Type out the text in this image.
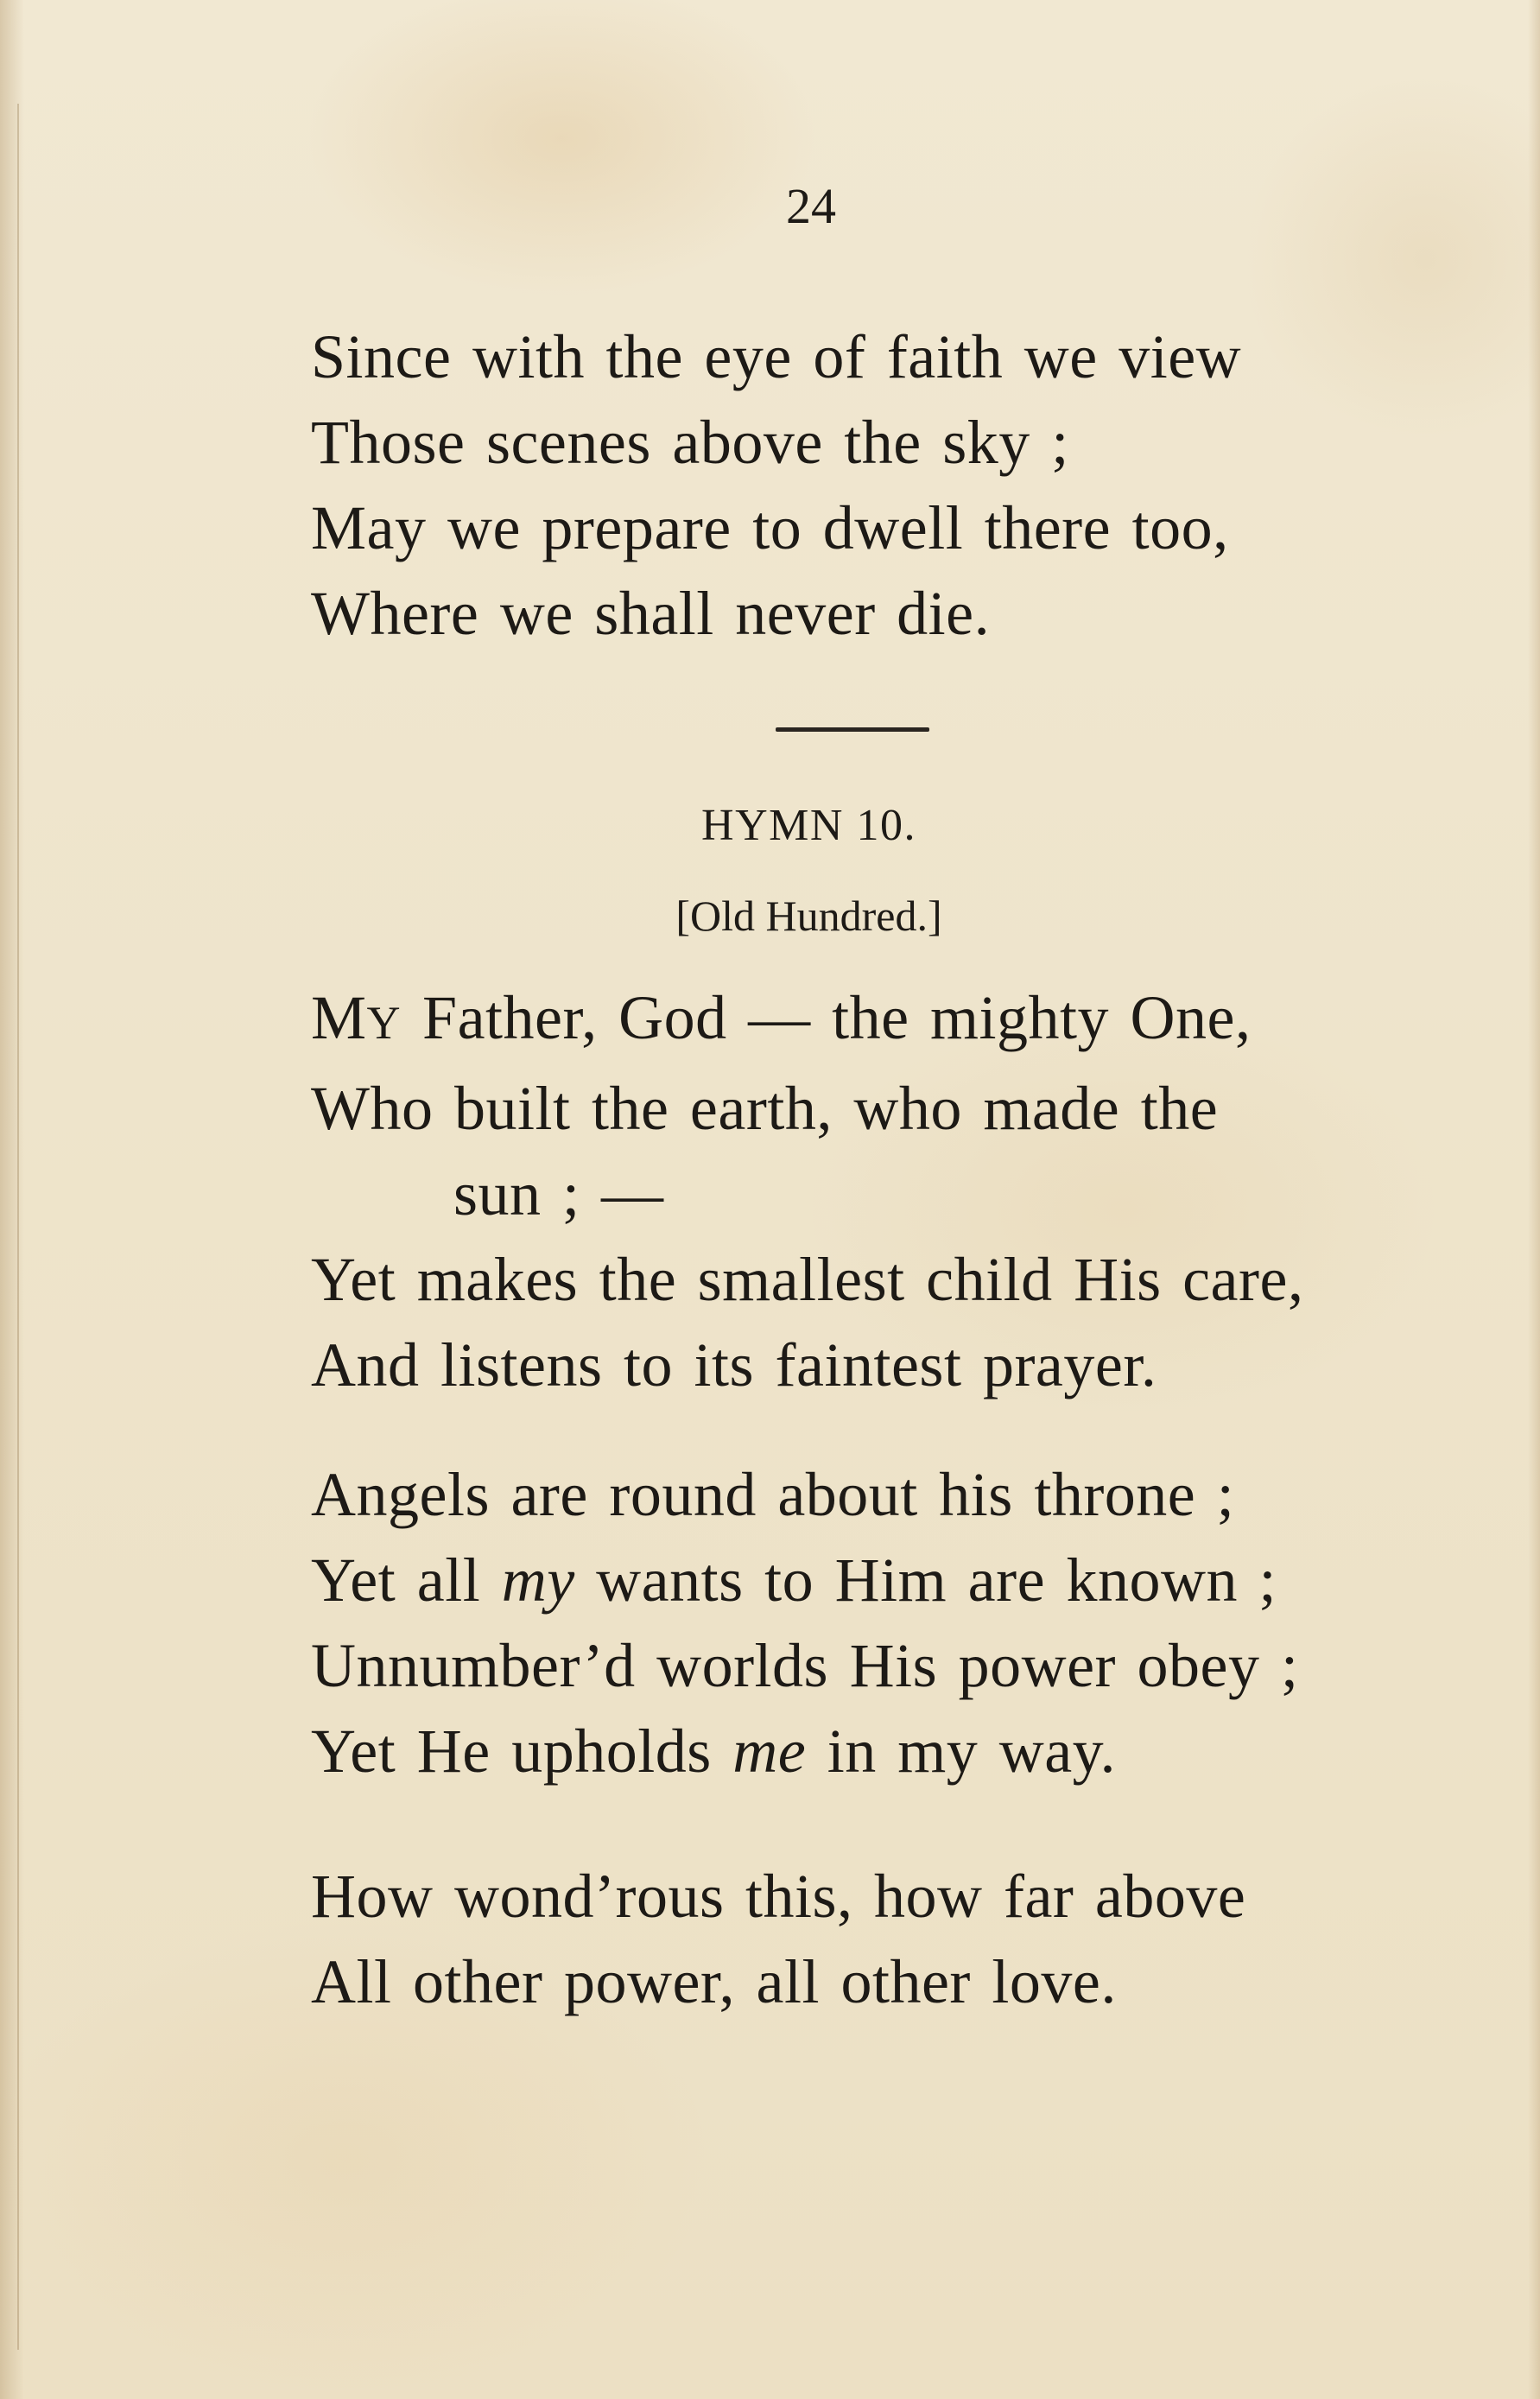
24

Since with the eye of faith we view
Those scenes above the sky ;
May we prepare to dwell there too,
Where we shall never die.

HYMN 10.

[Old Hundred.]

MY Father, God — the mighty One,
Who built the earth, who made the
sun ; —
Yet makes the smallest child His care,
And listens to its faintest prayer.
Angels are round about his throne ;
Yet all my wants to Him are known ;
Unnumber’d worlds His power obey ;
Yet He upholds me in my way.
How wond’rous this, how far above
All other power, all other love.
